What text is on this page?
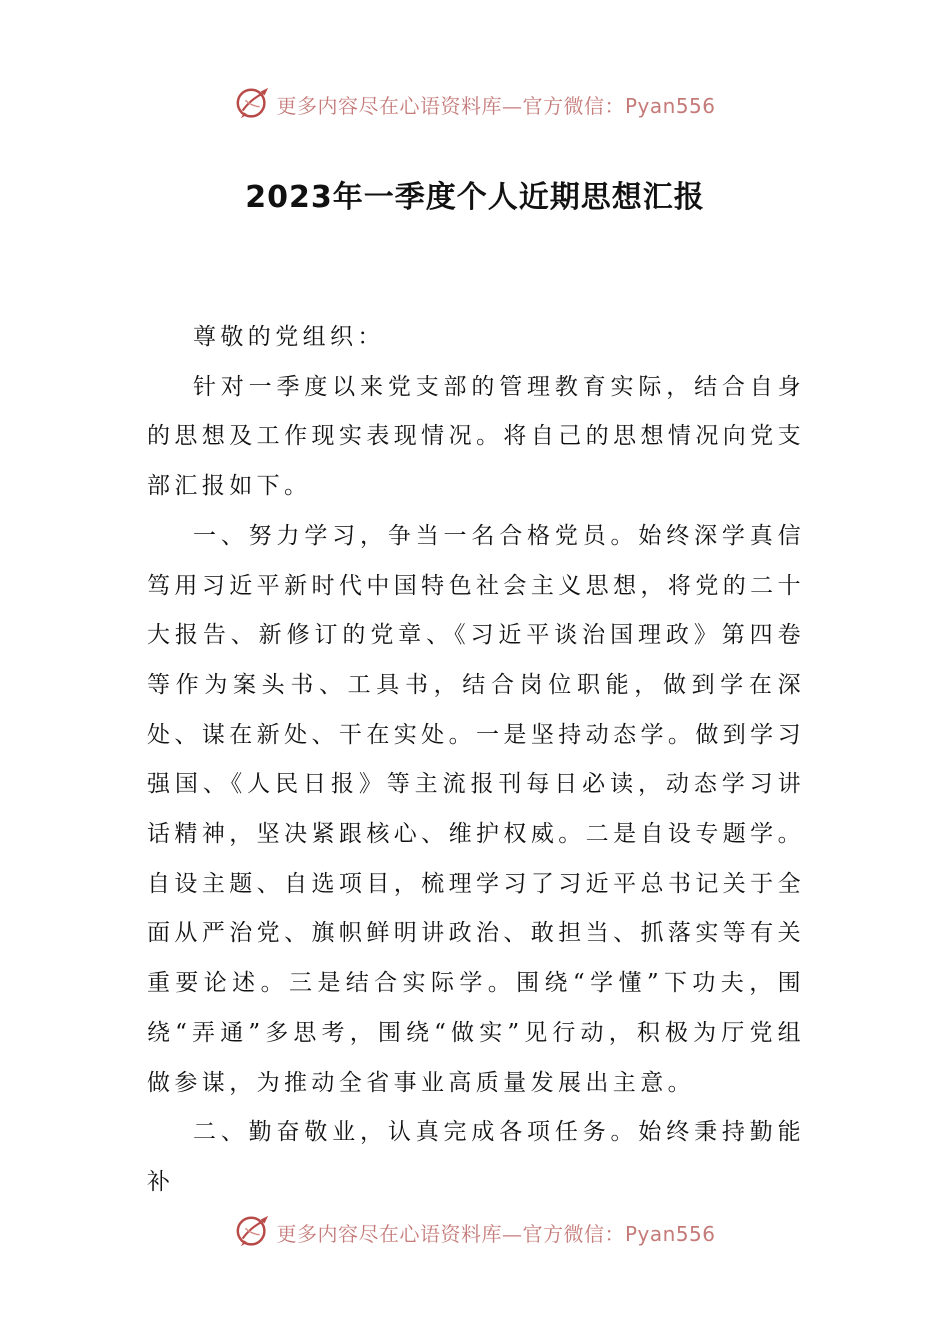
更多内容尽在心语资料库—官方微信：Pyan556
2023年一季度个人近期思想汇报

尊敬的党组织：

针对一季度以来党支部的管理教育实际，结合自身的思想及工作现实表现情况。将自己的思想情况向党支部汇报如下。

一、努力学习，争当一名合格党员。始终深学真信笃用习近平新时代中国特色社会主义思想，将党的二十大报告、新修订的党章、《习近平谈治国理政》第四卷等作为案头书、工具书，结合岗位职能，做到学在深处、谋在新处、干在实处。一是坚持动态学。做到学习强国、《人民日报》等主流报刊每日必读，动态学习讲话精神，坚决紧跟核心、维护权威。二是自设专题学。自设主题、自选项目，梳理学习了习近平总书记关于全面从严治党、旗帜鲜明讲政治、敢担当、抓落实等有关重要论述。三是结合实际学。围绕“学懂”下功夫，围绕“弄通”多思考，围绕“做实”见行动，积极为厅党组做参谋，为推动全省事业高质量发展出主意。

二、勤奋敬业，认真完成各项任务。始终秉持勤能补

更多内容尽在心语资料库—官方微信：Pyan556
